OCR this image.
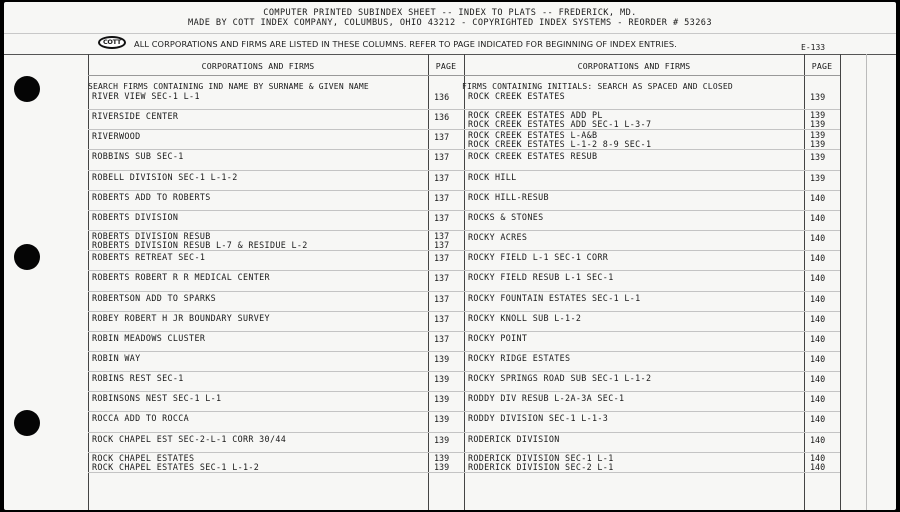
COMPUTER PRINTED SUBINDEX SHEET -- INDEX TO PLATS -- FREDERICK, MD.
MADE BY COTT INDEX COMPANY, COLUMBUS, OHIO 43212 - COPYRIGHTED INDEX SYSTEMS - REORDER # 53263
COTT	ALL CORPORATIONS AND FIRMS ARE LISTED IN THESE COLUMNS. REFER TO PAGE INDICATED FOR BEGINNING OF INDEX ENTRIES.	E-133
CORPORATIONS AND FIRMS	PAGE	CORPORATIONS AND FIRMS	PAGE
SEARCH FIRMS CONTAINING IND NAME BY SURNAME & GIVEN NAME	FIRMS CONTAINING INITIALS: SEARCH AS SPACED AND CLOSED
RIVER VIEW SEC-1 L-1	136
RIVERSIDE CENTER	136
RIVERWOOD	137
ROBBINS SUB SEC-1	137
ROBELL DIVISION SEC-1 L-1-2	137
ROBERTS ADD TO ROBERTS	137
ROBERTS DIVISION	137
ROBERTS DIVISION RESUB	137
ROBERTS DIVISION RESUB L-7 & RESIDUE L-2	137
ROBERTS RETREAT SEC-1	137
ROBERTS ROBERT R R MEDICAL CENTER	137
ROBERTSON ADD TO SPARKS	137
ROBEY ROBERT H JR BOUNDARY SURVEY	137
ROBIN MEADOWS CLUSTER	137
ROBIN WAY	139
ROBINS REST SEC-1	139
ROBINSONS NEST SEC-1 L-1	139
ROCCA ADD TO ROCCA	139
ROCK CHAPEL EST SEC-2-L-1 CORR 30/44	139
ROCK CHAPEL ESTATES	139
ROCK CHAPEL ESTATES SEC-1 L-1-2	139
ROCK CREEK ESTATES	139
ROCK CREEK ESTATES ADD PL	139
ROCK CREEK ESTATES ADD SEC-1 L-3-7	139
ROCK CREEK ESTATES L-A&B	139
ROCK CREEK ESTATES L-1-2 8-9 SEC-1	139
ROCK CREEK ESTATES RESUB	139
ROCK HILL	139
ROCK HILL-RESUB	140
ROCKS & STONES	140
ROCKY ACRES	140
ROCKY FIELD L-1 SEC-1 CORR	140
ROCKY FIELD RESUB L-1 SEC-1	140
ROCKY FOUNTAIN ESTATES SEC-1 L-1	140
ROCKY KNOLL SUB L-1-2	140
ROCKY POINT	140
ROCKY RIDGE ESTATES	140
ROCKY SPRINGS ROAD SUB SEC-1 L-1-2	140
RODDY DIV RESUB L-2A-3A SEC-1	140
RODDY DIVISION SEC-1 L-1-3	140
RODERICK DIVISION	140
RODERICK DIVISION SEC-1 L-1	140
RODERICK DIVISION SEC-2 L-1	140
